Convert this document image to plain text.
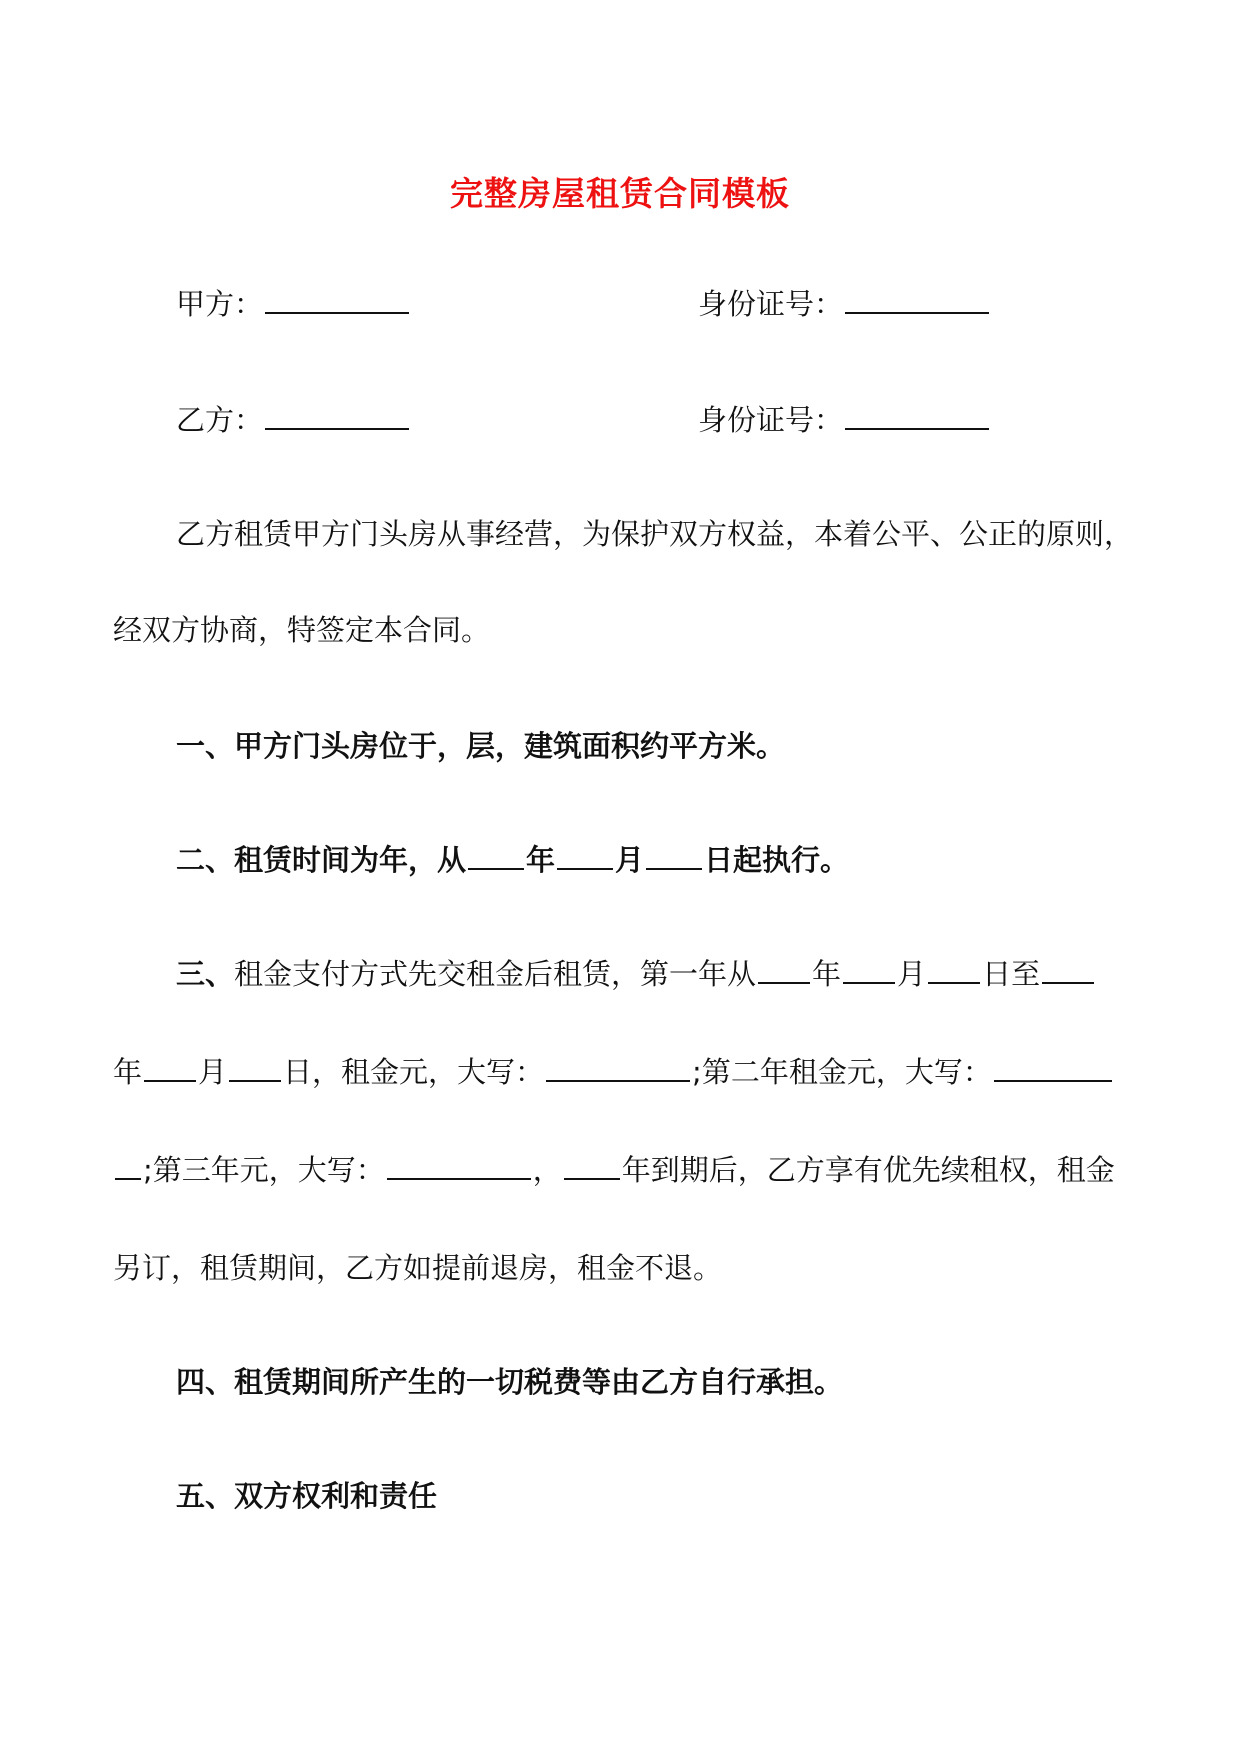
完整房屋租赁合同模板
甲方：	身份证号：
乙方：	身份证号：
乙方租赁甲方门头房从事经营，为保护双方权益，本着公平、公正的原则，
经双方协商，特签定本合同。
一、甲方门头房位于，层，建筑面积约平方米。
二、租赁时间为年，从 年 月 日起执行。
三、租金支付方式先交租金后租赁，第一年从 年 月 日至
年 月 日，租金元，大写：	;第二年租金元，大写：
;第三年元，大写：	， 年到期后，乙方享有优先续租权，租金
另订，租赁期间，乙方如提前退房，租金不退。
四、租赁期间所产生的一切税费等由乙方自行承担。
五、双方权利和责任
